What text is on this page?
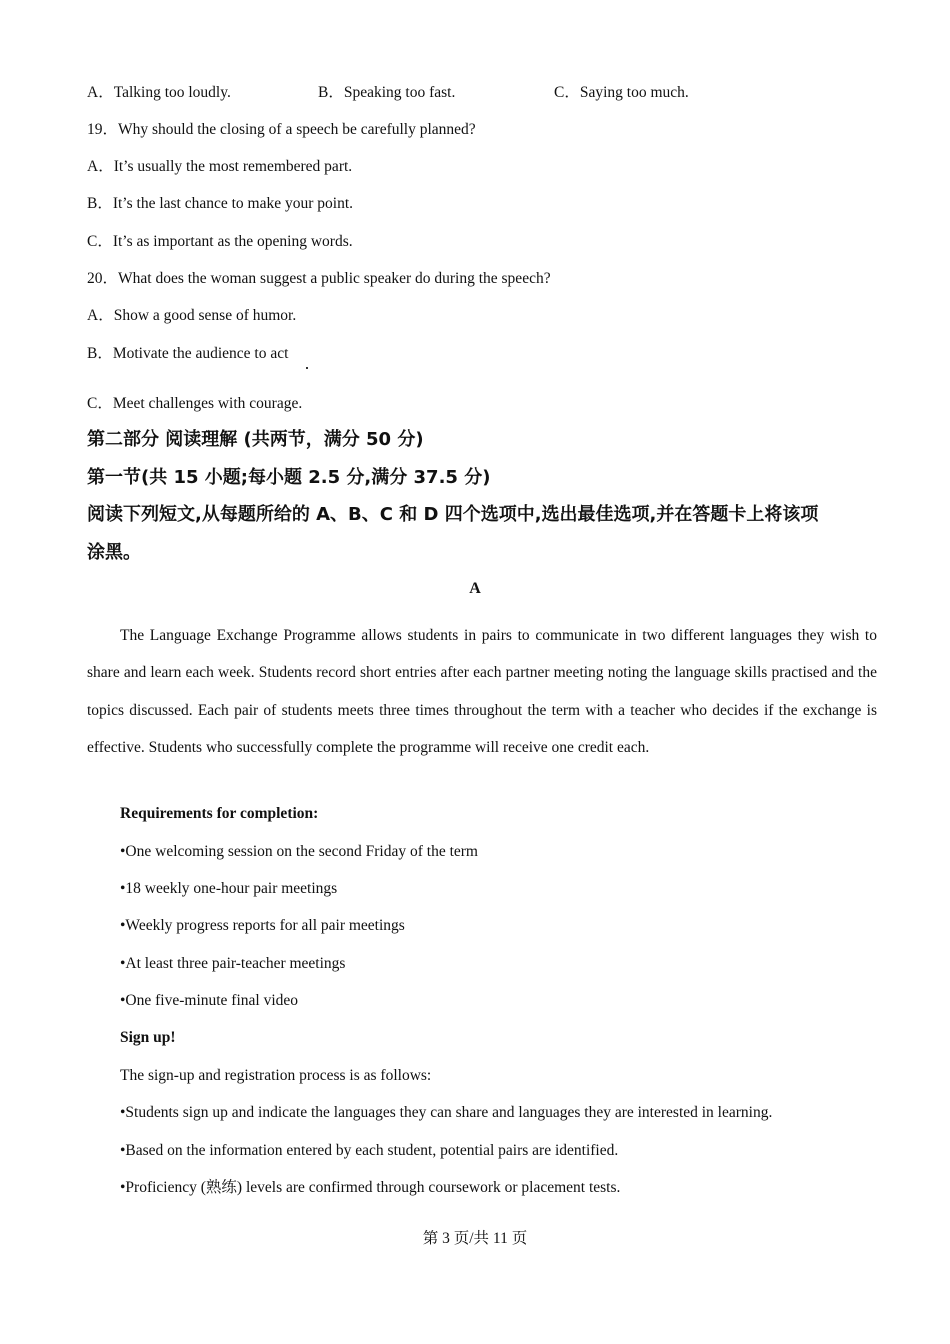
A．Talking too loudly.	B．Speaking too fast.	C．Saying too much.
19．Why should the closing of a speech be carefully planned?
A．It’s usually the most remembered part.
B．It’s the last chance to make your point.
C．It’s as important as the opening words.
20．What does the woman suggest a public speaker do during the speech?
A．Show a good sense of humor.
B．Motivate the audience to act
C．Meet challenges with courage.
第二部分 阅读理解 (共两节，满分 50 分)
第一节(共 15 小题;每小题 2.5 分,满分 37.5 分)
阅读下列短文,从每题所给的 A、B、C 和 D 四个选项中,选出最佳选项,并在答题卡上将该项
涂黑。
A
The Language Exchange Programme allows students in pairs to communicate in two different languages they wish to share and learn each week. Students record short entries after each partner meeting noting the language skills practised and the topics discussed. Each pair of students meets three times throughout the term with a teacher who decides if the exchange is effective. Students who successfully complete the programme will receive one credit each.
Requirements for completion:
•One welcoming session on the second Friday of the term
•18 weekly one-hour pair meetings
•Weekly progress reports for all pair meetings
•At least three pair-teacher meetings
•One five-minute final video
Sign up!
The sign-up and registration process is as follows:
•Students sign up and indicate the languages they can share and languages they are interested in learning.
•Based on the information entered by each student, potential pairs are identified.
•Proficiency (熟练) levels are confirmed through coursework or placement tests.
第 3 页/共 11 页
